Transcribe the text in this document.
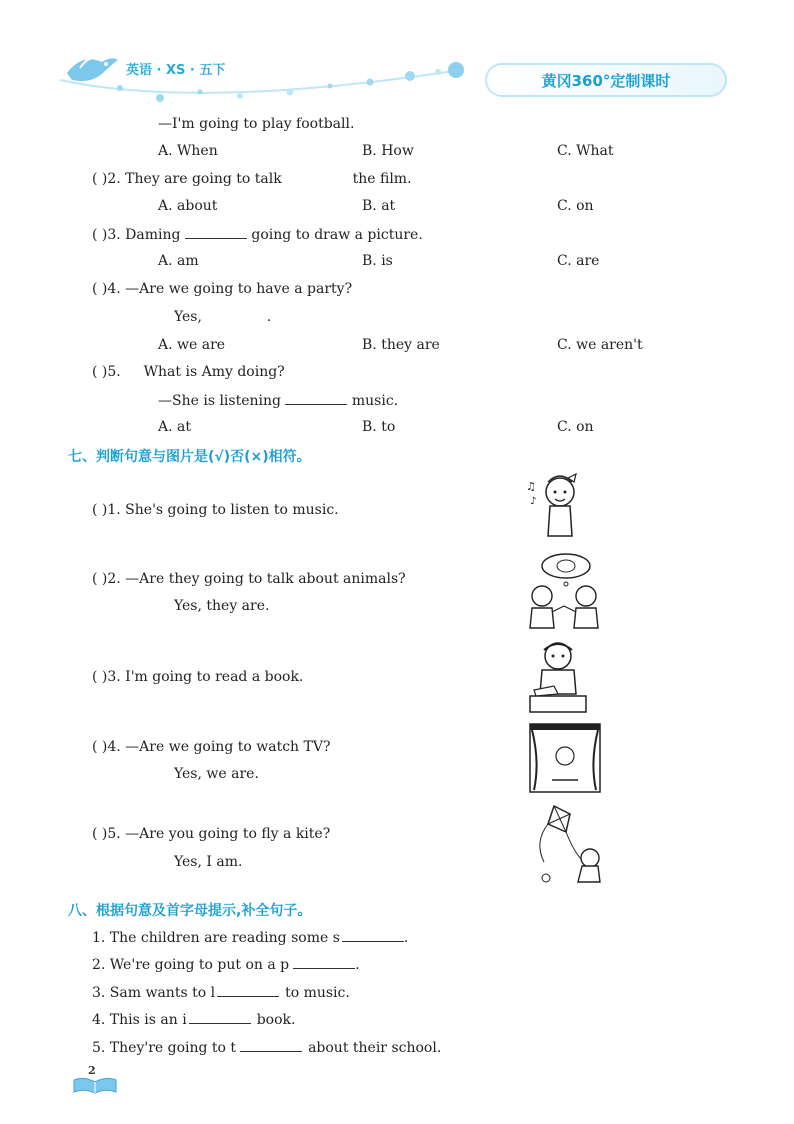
英语 · XS · 五下
黄冈360°定制课时
—I'm going to play football.
A. When	B. How	C. What
( )2. They are going to talk	the film.
A. about	B. at	C. on
( )3. Daming	going to draw a picture.
A. am	B. is	C. are
( )4. —Are we going to have a party?
Yes,	.
A. we are	B. they are	C. we aren't
( )5. What is Amy doing?
—She is listening	music.
A. at	B. to	C. on
七、判断句意与图片是(√)否(×)相符。
( )1. She's going to listen to music.
( )2. —Are they going to talk about animals?
Yes, they are.
( )3. I'm going to read a book.
( )4. —Are we going to watch TV?
Yes, we are.
( )5. —Are you going to fly a kite?
Yes, I am.
♫
♪
八、根据句意及首字母提示,补全句子。
1. The children are reading some s	.
2. We're going to put on a p	.
3. Sam wants to l	to music.
4. This is an i	book.
5. They're going to t	about their school.
2
